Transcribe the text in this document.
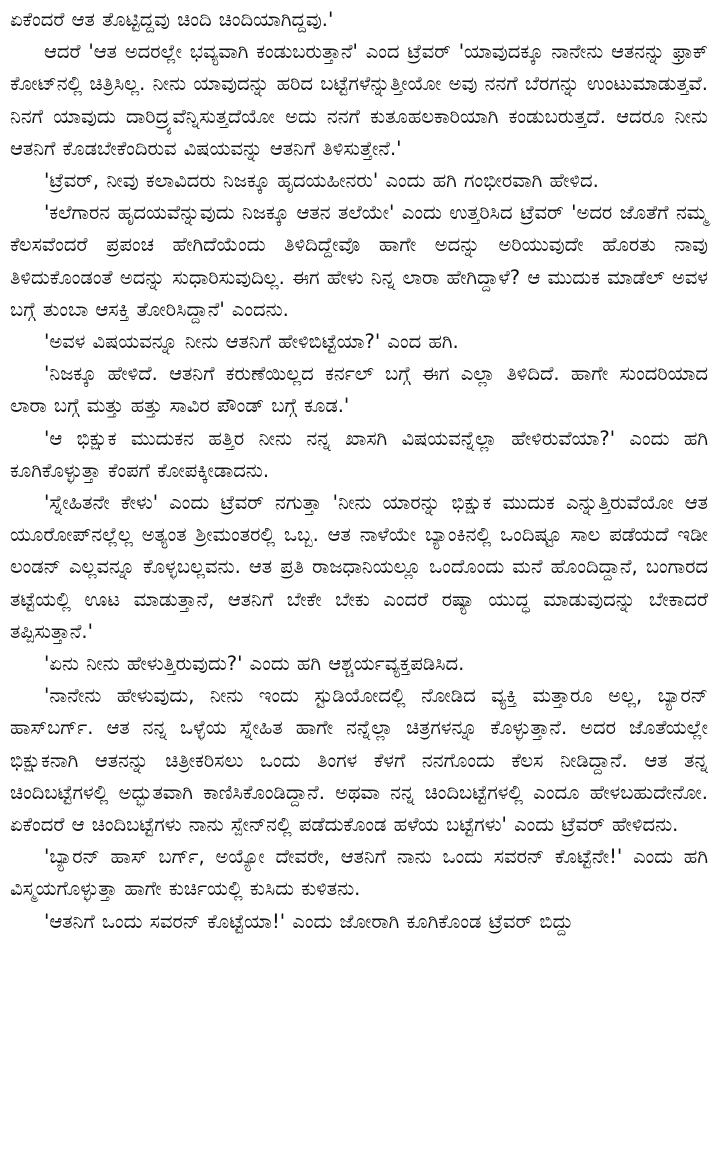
ಏಕೆಂದರೆ ಆತ ತೊಟ್ಟಿದ್ದವು ಚಿಂದಿ ಚಿಂದಿಯಾಗಿದ್ದವು.'

ಆದರೆ 'ಆತ ಅದರಲ್ಲೇ ಭವ್ಯವಾಗಿ ಕಂಡುಬರುತ್ತಾನೆ' ಎಂದ ಟ್ರೆವರ್ 'ಯಾವುದಕ್ಕೂ ನಾನೇನು ಆತನನ್ನು ಫ್ರಾಕ್ ಕೋಟ್‌ನಲ್ಲಿ ಚಿತ್ರಿಸಿಲ್ಲ. ನೀನು ಯಾವುದನ್ನು ಹರಿದ ಬಟ್ಟೆಗಳೆನ್ನುತ್ತೀಯೋ ಅವು ನನಗೆ ಬೆರಗನ್ನು ಉಂಟುಮಾಡುತ್ತವೆ. ನಿನಗೆ ಯಾವುದು ದಾರಿದ್ರ್ಯವೆನ್ನಿಸುತ್ತದೆಯೋ ಅದು ನನಗೆ ಕುತೂಹಲಕಾರಿಯಾಗಿ ಕಂಡುಬರುತ್ತದೆ. ಆದರೂ ನೀನು ಆತನಿಗೆ ಕೊಡಬೇಕೆಂದಿರುವ ವಿಷಯವನ್ನು ಆತನಿಗೆ ತಿಳಿಸುತ್ತೇನೆ.'

'ಟ್ರೆವರ್, ನೀವು ಕಲಾವಿದರು ನಿಜಕ್ಕೂ ಹೃದಯಹೀನರು' ಎಂದು ಹಗಿ ಗಂಭೀರವಾಗಿ ಹೇಳಿದ.

'ಕಲೆಗಾರನ ಹೃದಯವೆನ್ನುವುದು ನಿಜಕ್ಕೂ ಆತನ ತಲೆಯೇ' ಎಂದು ಉತ್ತರಿಸಿದ ಟ್ರೆವರ್ 'ಅದರ ಜೊತೆಗೆ ನಮ್ಮ ಕೆಲಸವೆಂದರೆ ಪ್ರಪಂಚ ಹೇಗಿದೆಯೆಂದು ತಿಳಿದಿದ್ದೇವೊ ಹಾಗೇ ಅದನ್ನು ಅರಿಯುವುದೇ ಹೊರತು ನಾವು ತಿಳಿದುಕೊಂಡಂತೆ ಅದನ್ನು ಸುಧಾರಿಸುವುದಿಲ್ಲ. ಈಗ ಹೇಳು ನಿನ್ನ ಲಾರಾ ಹೇಗಿದ್ದಾಳೆ? ಆ ಮುದುಕ ಮಾಡೆಲ್ ಅವಳ ಬಗ್ಗೆ ತುಂಬಾ ಆಸಕ್ತಿ ತೋರಿಸಿದ್ದಾನೆ' ಎಂದನು.

'ಅವಳ ವಿಷಯವನ್ನೂ ನೀನು ಆತನಿಗೆ ಹೇಳಿಬಿಟ್ಟೆಯಾ?' ಎಂದ ಹಗಿ.

'ನಿಜಕ್ಕೂ ಹೇಳಿದೆ. ಆತನಿಗೆ ಕರುಣೆಯಿಲ್ಲದ ಕರ್ನಲ್ ಬಗ್ಗೆ ಈಗ ಎಲ್ಲಾ ತಿಳಿದಿದೆ. ಹಾಗೇ ಸುಂದರಿಯಾದ ಲಾರಾ ಬಗ್ಗೆ ಮತ್ತು ಹತ್ತು ಸಾವಿರ ಪೌಂಡ್ ಬಗ್ಗೆ ಕೂಡ.'

'ಆ ಭಿಕ್ಷುಕ ಮುದುಕನ ಹತ್ತಿರ ನೀನು ನನ್ನ ಖಾಸಗಿ ವಿಷಯವನ್ನೆಲ್ಲಾ ಹೇಳಿರುವೆಯಾ?' ಎಂದು ಹಗಿ ಕೂಗಿಕೊಳ್ಳುತ್ತಾ ಕೆಂಪಗೆ ಕೋಪಕ್ಕೀಡಾದನು.

'ಸ್ನೇಹಿತನೇ ಕೇಳು' ಎಂದು ಟ್ರೆವರ್ ನಗುತ್ತಾ 'ನೀನು ಯಾರನ್ನು ಭಿಕ್ಷುಕ ಮುದುಕ ಎನ್ನುತ್ತಿರುವೆಯೋ ಆತ ಯೂರೋಪ್‌ನಲ್ಲೆಲ್ಲ ಅತ್ಯಂತ ಶ್ರೀಮಂತರಲ್ಲಿ ಒಬ್ಬ. ಆತ ನಾಳೆಯೇ ಬ್ಯಾಂಕಿನಲ್ಲಿ ಒಂದಿಷ್ಟೂ ಸಾಲ ಪಡೆಯದೆ ಇಡೀ ಲಂಡನ್ ಎಲ್ಲವನ್ನೂ ಕೊಳ್ಳಬಲ್ಲವನು. ಆತ ಪ್ರತಿ ರಾಜಧಾನಿಯಲ್ಲೂ ಒಂದೊಂದು ಮನೆ ಹೊಂದಿದ್ದಾನೆ, ಬಂಗಾರದ ತಟ್ಟೆಯಲ್ಲಿ ಊಟ ಮಾಡುತ್ತಾನೆ, ಆತನಿಗೆ ಬೇಕೇ ಬೇಕು ಎಂದರೆ ರಷ್ಯಾ ಯುದ್ಧ ಮಾಡುವುದನ್ನು ಬೇಕಾದರೆ ತಪ್ಪಿಸುತ್ತಾನೆ.'

'ಏನು ನೀನು ಹೇಳುತ್ತಿರುವುದು?' ಎಂದು ಹಗಿ ಆಶ್ಚರ್ಯವ್ಯಕ್ತಪಡಿಸಿದ.

'ನಾನೇನು ಹೇಳುವುದು, ನೀನು ಇಂದು ಸ್ಟುಡಿಯೋದಲ್ಲಿ ನೋಡಿದ ವ್ಯಕ್ತಿ ಮತ್ತಾರೂ ಅಲ್ಲ, ಬ್ಯಾರನ್ ಹಾಸ್‌ಬರ್ಗ್. ಆತ ನನ್ನ ಒಳ್ಳೆಯ ಸ್ನೇಹಿತ ಹಾಗೇ ನನ್ನೆಲ್ಲಾ ಚಿತ್ರಗಳನ್ನೂ ಕೊಳ್ಳುತ್ತಾನೆ. ಅದರ ಜೊತೆಯಲ್ಲೇ ಭಿಕ್ಷುಕನಾಗಿ ಆತನನ್ನು ಚಿತ್ರೀಕರಿಸಲು ಒಂದು ತಿಂಗಳ ಕೆಳಗೆ ನನಗೊಂದು ಕೆಲಸ ನೀಡಿದ್ದಾನೆ. ಆತ ತನ್ನ ಚಿಂದಿಬಟ್ಟೆಗಳಲ್ಲಿ ಅದ್ಭುತವಾಗಿ ಕಾಣಿಸಿಕೊಂಡಿದ್ದಾನೆ. ಅಥವಾ ನನ್ನ ಚಿಂದಿಬಟ್ಟೆಗಳಲ್ಲಿ ಎಂದೂ ಹೇಳಬಹುದೇನೋ. ಏಕೆಂದರೆ ಆ ಚಿಂದಿಬಟ್ಟೆಗಳು ನಾನು ಸ್ಪೇನ್‌ನಲ್ಲಿ ಪಡೆದುಕೊಂಡ ಹಳೆಯ ಬಟ್ಟೆಗಳು' ಎಂದು ಟ್ರೆವರ್ ಹೇಳಿದನು.

'ಬ್ಯಾರನ್ ಹಾಸ್ ಬರ್ಗ್, ಅಯ್ಯೋ ದೇವರೇ, ಆತನಿಗೆ ನಾನು ಒಂದು ಸವರನ್ ಕೊಟ್ಟೆನೇ!' ಎಂದು ಹಗಿ ವಿಸ್ಮಯಗೊಳ್ಳುತ್ತಾ ಹಾಗೇ ಕುರ್ಚಿಯಲ್ಲಿ ಕುಸಿದು ಕುಳಿತನು.

'ಆತನಿಗೆ ಒಂದು ಸವರನ್ ಕೊಟ್ಟೆಯಾ!' ಎಂದು ಜೋರಾಗಿ ಕೂಗಿಕೊಂಡ ಟ್ರೆವರ್ ಬಿದ್ದು
